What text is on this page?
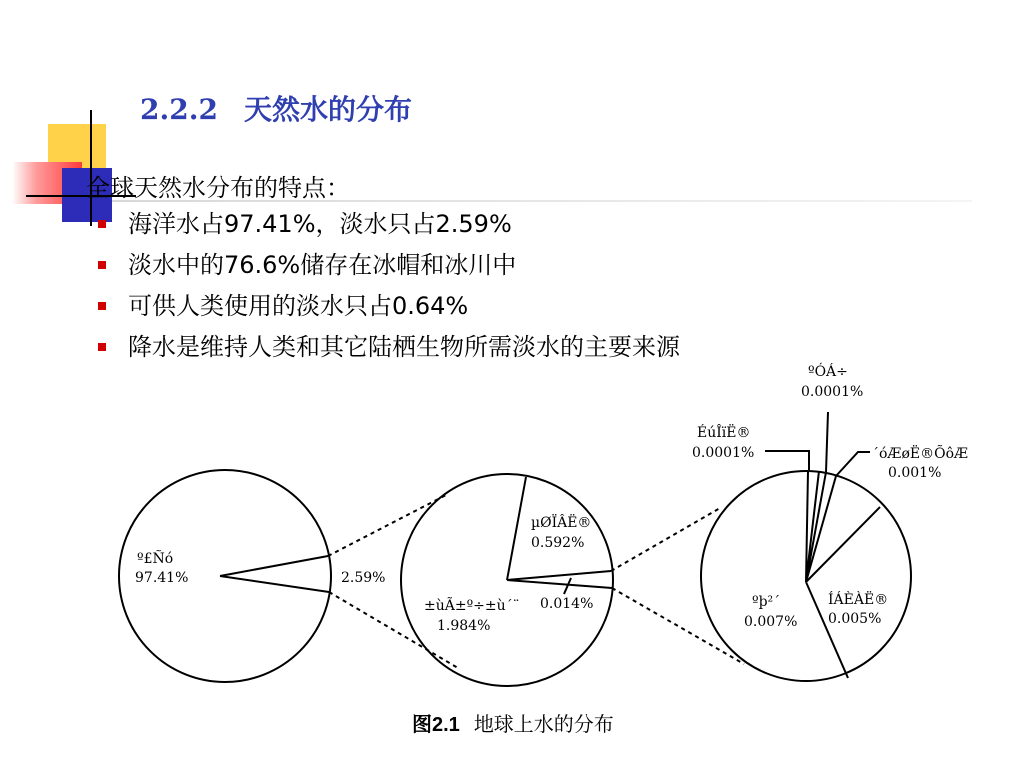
2.2.2 天然水的分布
全球天然水分布的特点：
海洋水占97.41%，淡水只占2.59%
淡水中的76.6%储存在冰帽和冰川中
可供人类使用的淡水只占0.64%
降水是维持人类和其它陆栖生物所需淡水的主要来源
º£Ñó
97.41%	2.59%
µØÏÂË®
0.592%
±ùÃ±º÷±ù´¨
1.984%
0.014%
ºÓÁ÷
0.0001%
ÉúÎïË®
0.0001%	´óÆøË®ÕôÆ
0.001%
ÍÁÈÀË®
0.005%
ºþ²´
0.007%
图2.1 地球上水的分布
